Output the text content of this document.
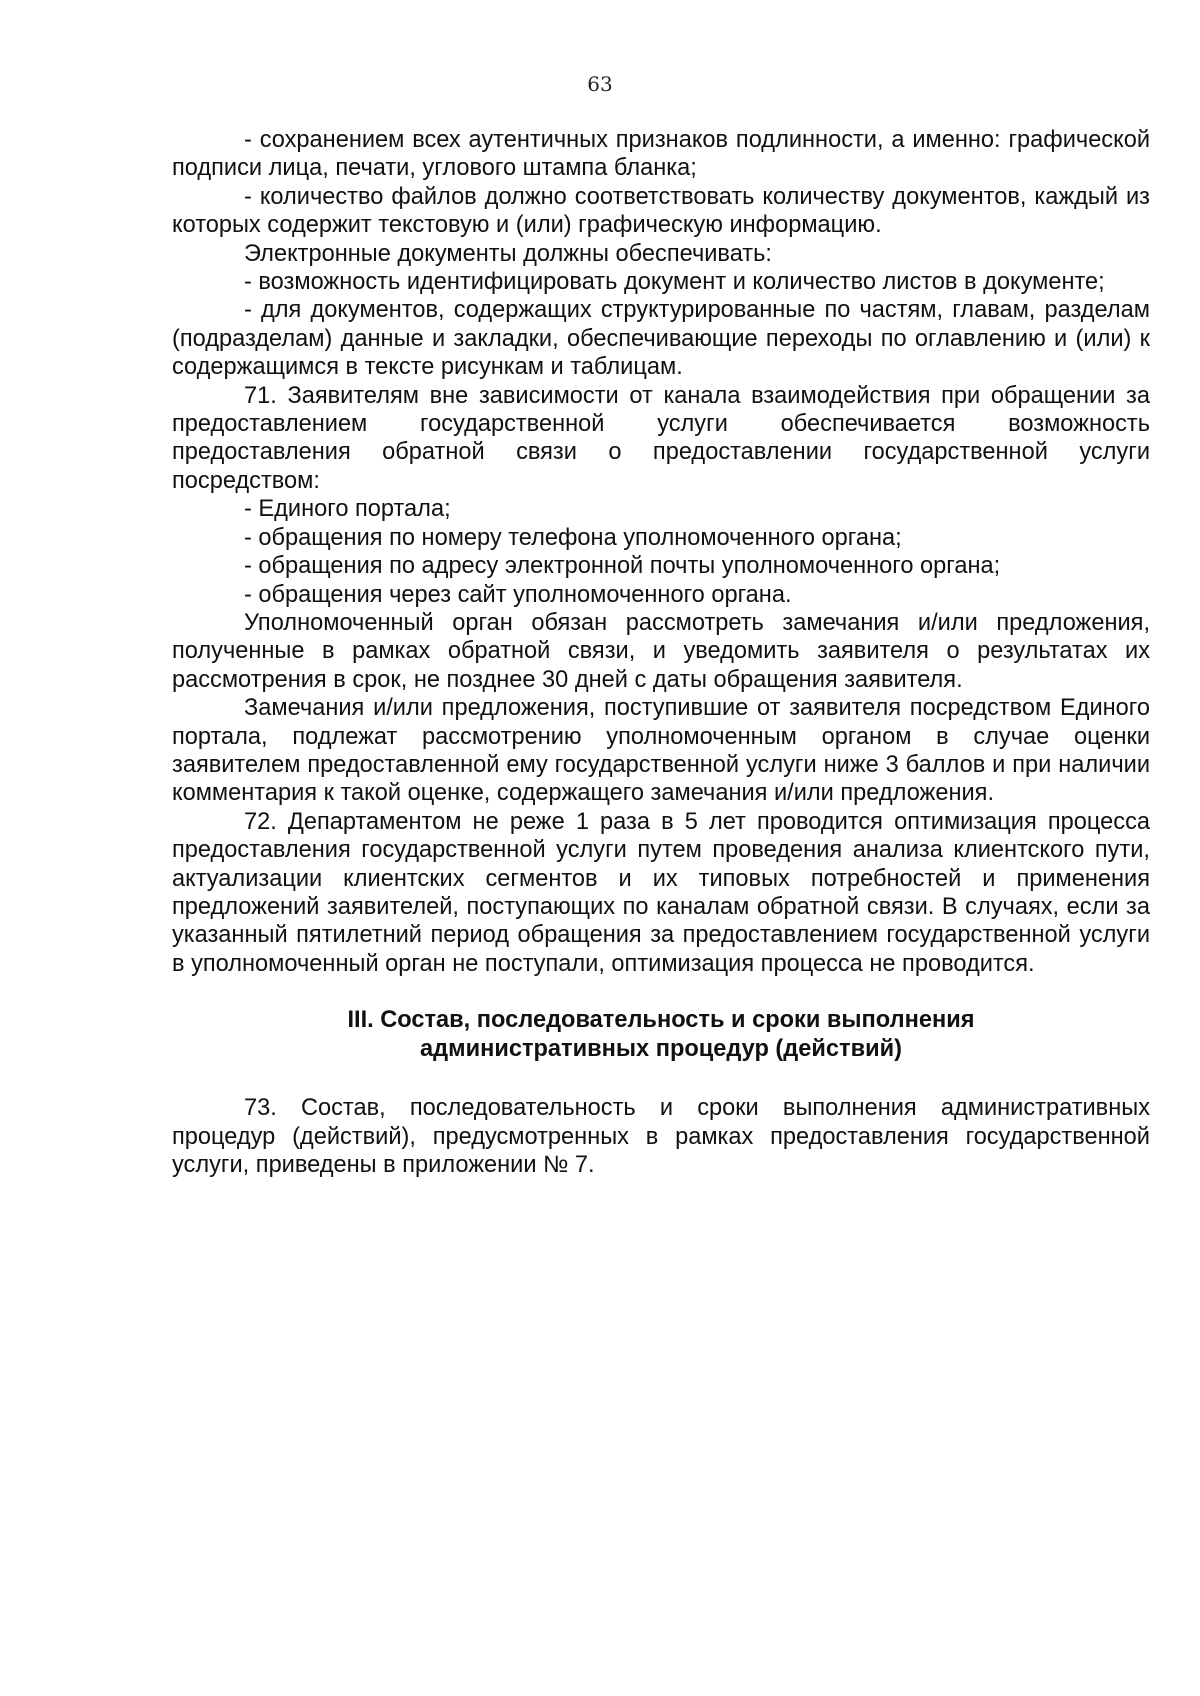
63

- сохранением всех аутентичных признаков подлинности, а именно: графической подписи лица, печати, углового штампа бланка;

- количество файлов должно соответствовать количеству документов, каждый из которых содержит текстовую и (или) графическую информацию.

Электронные документы должны обеспечивать:

- возможность идентифицировать документ и количество листов в документе;

- для документов, содержащих структурированные по частям, главам, разделам (подразделам) данные и закладки, обеспечивающие переходы по оглавлению и (или) к содержащимся в тексте рисункам и таблицам.

71. Заявителям вне зависимости от канала взаимодействия при обращении за предоставлением государственной услуги обеспечивается возможность предоставления обратной связи о предоставлении государственной услуги посредством:

- Единого портала;

- обращения по номеру телефона уполномоченного органа;

- обращения по адресу электронной почты уполномоченного органа;

- обращения через сайт уполномоченного органа.

Уполномоченный орган обязан рассмотреть замечания и/или предложения, полученные в рамках обратной связи, и уведомить заявителя о результатах их рассмотрения в срок, не позднее 30 дней с даты обращения заявителя.

Замечания и/или предложения, поступившие от заявителя посредством Единого портала, подлежат рассмотрению уполномоченным органом в случае оценки заявителем предоставленной ему государственной услуги ниже 3 баллов и при наличии комментария к такой оценке, содержащего замечания и/или предложения.

72. Департаментом не реже 1 раза в 5 лет проводится оптимизация процесса предоставления государственной услуги путем проведения анализа клиентского пути, актуализации клиентских сегментов и их типовых потребностей и применения предложений заявителей, поступающих по каналам обратной связи. В случаях, если за указанный пятилетний период обращения за предоставлением государственной услуги в уполномоченный орган не поступали, оптимизация процесса не проводится.

III. Состав, последовательность и сроки выполнения
административных процедур (действий)

73. Состав, последовательность и сроки выполнения административных процедур (действий), предусмотренных в рамках предоставления государственной услуги, приведены в приложении № 7.
